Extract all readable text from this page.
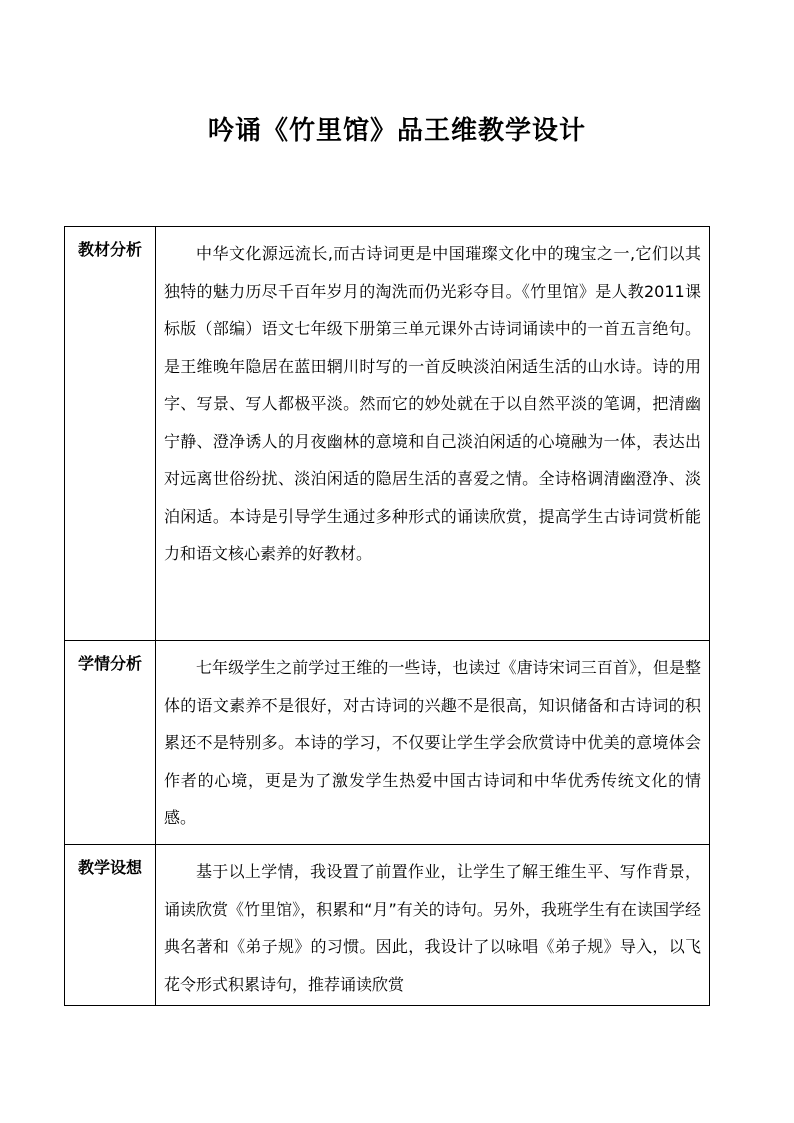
吟诵《竹里馆》品王维教学设计
教材分析	中华文化源远流长,而古诗词更是中国璀璨文化中的瑰宝之一,它们以其独特的魅力历尽千百年岁月的淘洗而仍光彩夺目。《竹里馆》是人教2011课标版（部编）语文七年级下册第三单元课外古诗词诵读中的一首五言绝句。是王维晚年隐居在蓝田辋川时写的一首反映淡泊闲适生活的山水诗。诗的用字、写景、写人都极平淡。然而它的妙处就在于以自然平淡的笔调，把清幽宁静、澄净诱人的月夜幽林的意境和自己淡泊闲适的心境融为一体，表达出对远离世俗纷扰、淡泊闲适的隐居生活的喜爱之情。全诗格调清幽澄净、淡泊闲适。本诗是引导学生通过多种形式的诵读欣赏，提高学生古诗词赏析能力和语文核心素养的好教材。

学情分析	七年级学生之前学过王维的一些诗，也读过《唐诗宋词三百首》，但是整体的语文素养不是很好，对古诗词的兴趣不是很高，知识储备和古诗词的积累还不是特别多。本诗的学习，不仅要让学生学会欣赏诗中优美的意境体会作者的心境，更是为了激发学生热爱中国古诗词和中华优秀传统文化的情感。

教学设想	基于以上学情，我设置了前置作业，让学生了解王维生平、写作背景，诵读欣赏《竹里馆》，积累和“月”有关的诗句。另外，我班学生有在读国学经典名著和《弟子规》的习惯。因此，我设计了以咏唱《弟子规》导入，以飞花令形式积累诗句，推荐诵读欣赏
